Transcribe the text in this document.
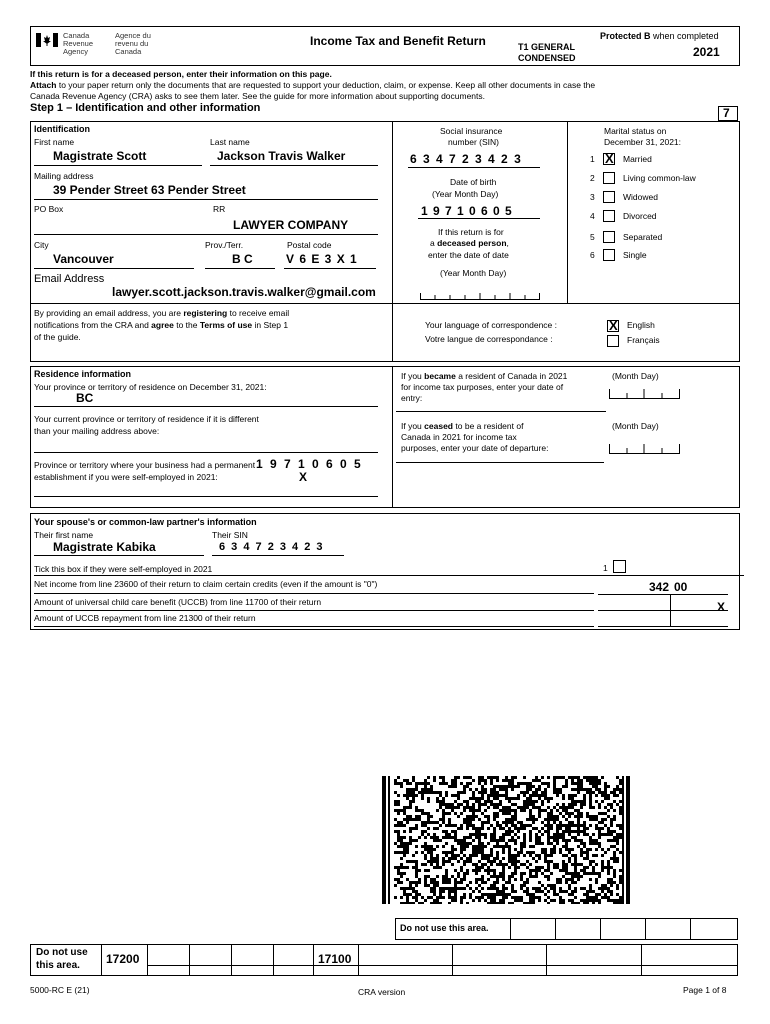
Canada Revenue Agency
Agence du revenu du Canada
Income Tax and Benefit Return	T1 GENERAL
CONDENSED
Protected B when completed
2021
If this return is for a deceased person, enter their information on this page.
Attach to your paper return only the documents that are requested to support your deduction, claim, or expense. Keep all other documents in case the
Canada Revenue Agency (CRA) asks to see them later. See the guide for more information about supporting documents.
Step 1 – Identification and other information	7
Identification
First name
Magistrate Scott
Last name
Jackson Travis Walker
Mailing address
39 Pender Street 63 Pender Street
PO Box	RR
LAWYER COMPANY
City
Vancouver
Prov./Terr.
B C
Postal code
V 6 E 3 X 1
Email Address
lawyer.scott.jackson.travis.walker@gmail.com
By providing an email address, you are registering to receive email
notifications from the CRA and agree to the Terms of use in Step 1
of the guide.
Social insurance
number (SIN)
6 3 4 7 2 3 4 2 3
Date of birth
(Year Month Day)
1 9 7 1 0 6 0 5
If this return is for
a deceased person,
enter the date of date
(Year Month Day)
Marital status on
December 31, 2021:
1 X Married
2	Living common-law
3	Widowed
4	Divorced
5	Separated
6	Single
Your language of correspondence :
Votre langue de correspondance :
X English
Français
Residence information
Your province or territory of residence on December 31, 2021:
BC
Your current province or territory of residence if it is different
than your mailing address above:
Province or territory where your business had a permanent
establishment if you were self-employed in 2021:
1 9 7 1 0 6 0 5
X
If you became a resident of Canada in 2021
for income tax purposes, enter your date of
entry:
(Month Day)
If you ceased to be a resident of
Canada in 2021 for income tax
purposes, enter your date of departure:
(Month Day)
Your spouse's or common-law partner's information
Their first name
Magistrate Kabika
Their SIN
6 3 4 7 2 3 4 2 3
Tick this box if they were self-employed in 2021	1
Net income from line 23600 of their return to claim certain credits (even if the amount is "0")	342 00
Amount of universal child care benefit (UCCB) from line 11700 of their return	X
Amount of UCCB repayment from line 21300 of their return
Do not use this area.
Do not use
this area. 17200	17100
5000-RC E (21)	CRA version	Page 1 of 8
